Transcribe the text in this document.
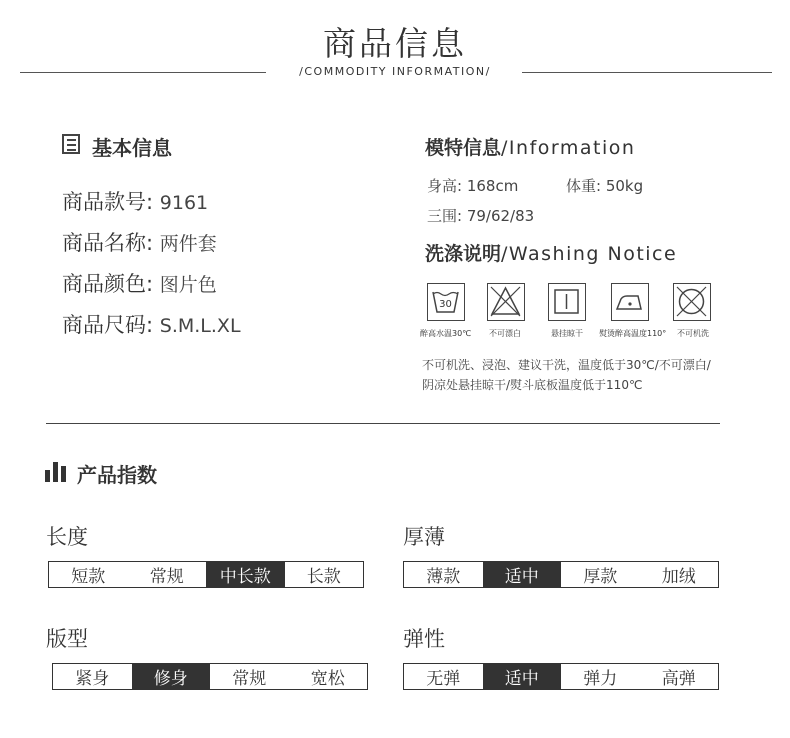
商品信息
/COMMODITY INFORMATION/
基本信息
商品款号: 9161
商品名称: 两件套
商品颜色: 图片色
商品尺码: S.M.L.XL
模特信息/Information
身高: 168cm	体重: 50kg
三围: 79/62/83
洗涤说明/Washing Notice
30
醉高水温30℃ 不可漂白	悬挂晾干 熨烫醉高温度110° 不可机洗
不可机洗、浸泡、建议干洗，温度低于30℃/不可漂白/
阴凉处悬挂晾干/熨斗底板温度低于110℃
产品指数
长度
短款	常规	中长款	长款
厚薄
薄款	适中	厚款	加绒
版型
紧身	修身	常规	宽松
弹性
无弹	适中	弹力	高弹
